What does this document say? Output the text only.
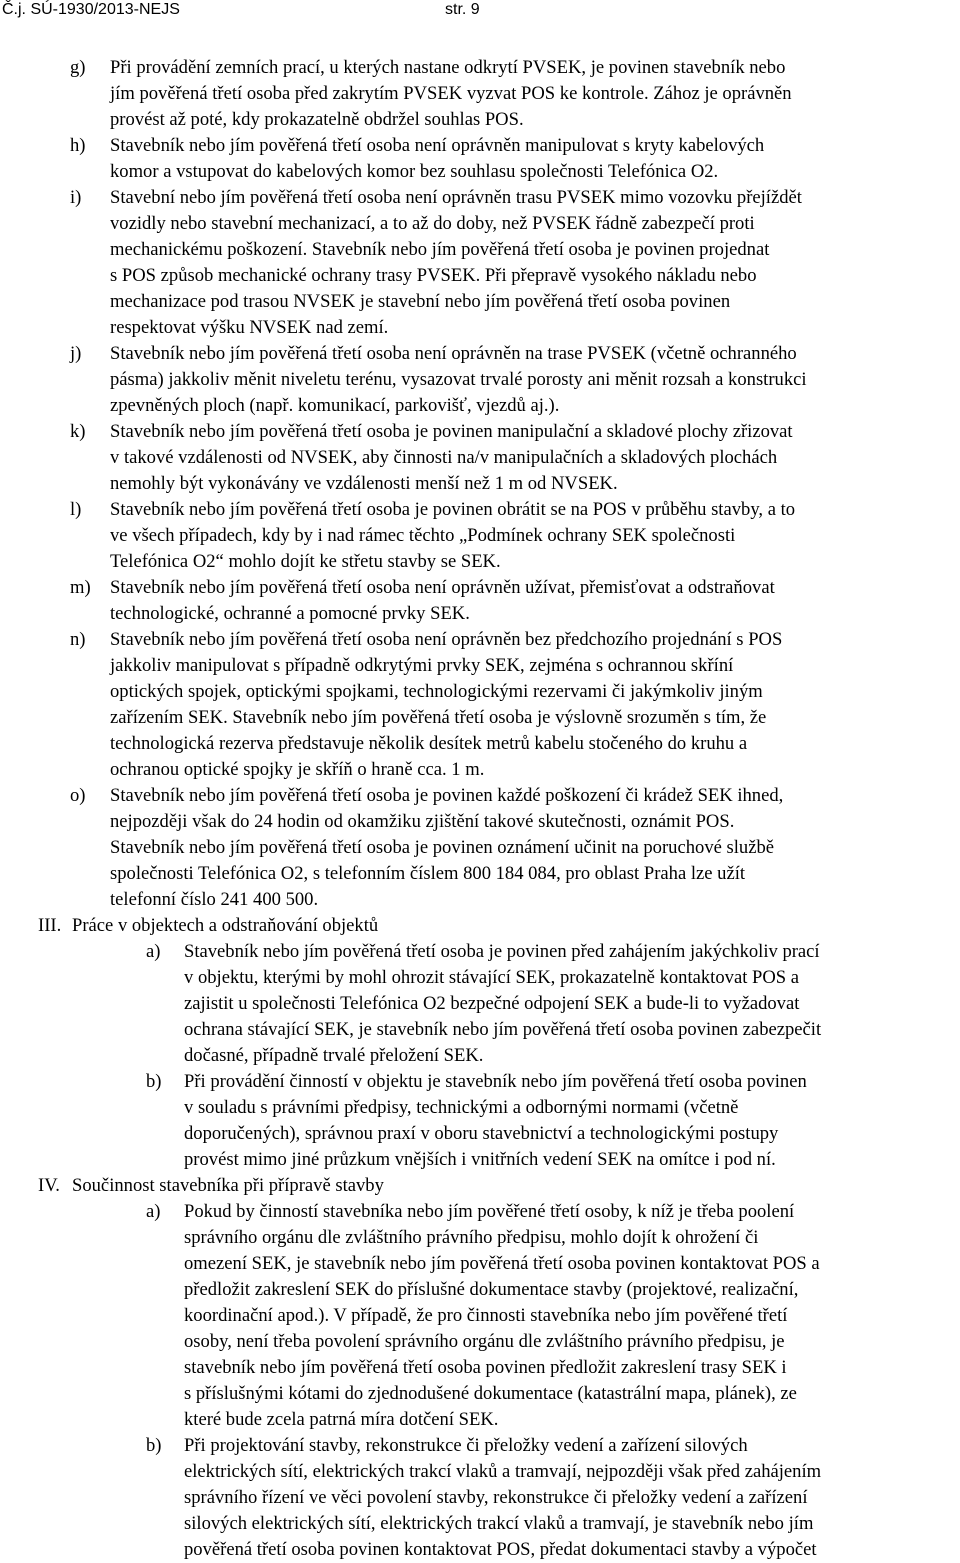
Č.j. SÚ-1930/2013-NEJS	str. 9
g) Při provádění zemních prací, u kterých nastane odkrytí PVSEK, je povinen stavebník nebo
jím pověřená třetí osoba před zakrytím PVSEK vyzvat POS ke kontrole. Zához je oprávněn
provést až poté, kdy prokazatelně obdržel souhlas POS.
h) Stavebník nebo jím pověřená třetí osoba není oprávněn manipulovat s kryty kabelových
komor a vstupovat do kabelových komor bez souhlasu společnosti Telefónica O2.
i) Stavební nebo jím pověřená třetí osoba není oprávněn trasu PVSEK mimo vozovku přejíždět
vozidly nebo stavební mechanizací, a to až do doby, než PVSEK řádně zabezpečí proti
mechanickému poškození. Stavebník nebo jím pověřená třetí osoba je povinen projednat
s POS způsob mechanické ochrany trasy PVSEK. Při přepravě vysokého nákladu nebo
mechanizace pod trasou NVSEK je stavební nebo jím pověřená třetí osoba povinen
respektovat výšku NVSEK nad zemí.
j) Stavebník nebo jím pověřená třetí osoba není oprávněn na trase PVSEK (včetně ochranného
pásma) jakkoliv měnit niveletu terénu, vysazovat trvalé porosty ani měnit rozsah a konstrukci
zpevněných ploch (např. komunikací, parkovišť, vjezdů aj.).
k) Stavebník nebo jím pověřená třetí osoba je povinen manipulační a skladové plochy zřizovat
v takové vzdálenosti od NVSEK, aby činnosti na/v manipulačních a skladových plochách
nemohly být vykonávány ve vzdálenosti menší než 1 m od NVSEK.
l) Stavebník nebo jím pověřená třetí osoba je povinen obrátit se na POS v průběhu stavby, a to
ve všech případech, kdy by i nad rámec těchto „Podmínek ochrany SEK společnosti
Telefónica O2“ mohlo dojít ke střetu stavby se SEK.
m) Stavebník nebo jím pověřená třetí osoba není oprávněn užívat, přemisťovat a odstraňovat
technologické, ochranné a pomocné prvky SEK.
n) Stavebník nebo jím pověřená třetí osoba není oprávněn bez předchozího projednání s POS
jakkoliv manipulovat s případně odkrytými prvky SEK, zejména s ochrannou skříní
optických spojek, optickými spojkami, technologickými rezervami či jakýmkoliv jiným
zařízením SEK. Stavebník nebo jím pověřená třetí osoba je výslovně srozuměn s tím, že
technologická rezerva představuje několik desítek metrů kabelu stočeného do kruhu a
ochranou optické spojky je skříň o hraně cca. 1 m.
o) Stavebník nebo jím pověřená třetí osoba je povinen každé poškození či krádež SEK ihned,
nejpozději však do 24 hodin od okamžiku zjištění takové skutečnosti, oznámit POS.
Stavebník nebo jím pověřená třetí osoba je povinen oznámení učinit na poruchové službě
společnosti Telefónica O2, s telefonním číslem 800 184 084, pro oblast Praha lze užít
telefonní číslo 241 400 500.
III. Práce v objektech a odstraňování objektů
a) Stavebník nebo jím pověřená třetí osoba je povinen před zahájením jakýchkoliv prací
v objektu, kterými by mohl ohrozit stávající SEK, prokazatelně kontaktovat POS a
zajistit u společnosti Telefónica O2 bezpečné odpojení SEK a bude-li to vyžadovat
ochrana stávající SEK, je stavebník nebo jím pověřená třetí osoba povinen zabezpečit
dočasné, případně trvalé přeložení SEK.
b) Při provádění činností v objektu je stavebník nebo jím pověřená třetí osoba povinen
v souladu s právními předpisy, technickými a odbornými normami (včetně
doporučených), správnou praxí v oboru stavebnictví a technologickými postupy
provést mimo jiné průzkum vnějších i vnitřních vedení SEK na omítce i pod ní.
IV. Součinnost stavebníka při přípravě stavby
a) Pokud by činností stavebníka nebo jím pověřené třetí osoby, k níž je třeba poolení
správního orgánu dle zvláštního právního předpisu, mohlo dojít k ohrožení či
omezení SEK, je stavebník nebo jím pověřená třetí osoba povinen kontaktovat POS a
předložit zakreslení SEK do příslušné dokumentace stavby (projektové, realizační,
koordinační apod.). V případě, že pro činnosti stavebníka nebo jím pověřené třetí
osoby, není třeba povolení správního orgánu dle zvláštního právního předpisu, je
stavebník nebo jím pověřená třetí osoba povinen předložit zakreslení trasy SEK i
s příslušnými kótami do zjednodušené dokumentace (katastrální mapa, plánek), ze
které bude zcela patrná míra dotčení SEK.
b) Při projektování stavby, rekonstrukce či přeložky vedení a zařízení silových
elektrických sítí, elektrických trakcí vlaků a tramvají, nejpozději však před zahájením
správního řízení ve věci povolení stavby, rekonstrukce či přeložky vedení a zařízení
silových elektrických sítí, elektrických trakcí vlaků a tramvají, je stavebník nebo jím
pověřená třetí osoba povinen kontaktovat POS, předat dokumentaci stavby a výpočet
